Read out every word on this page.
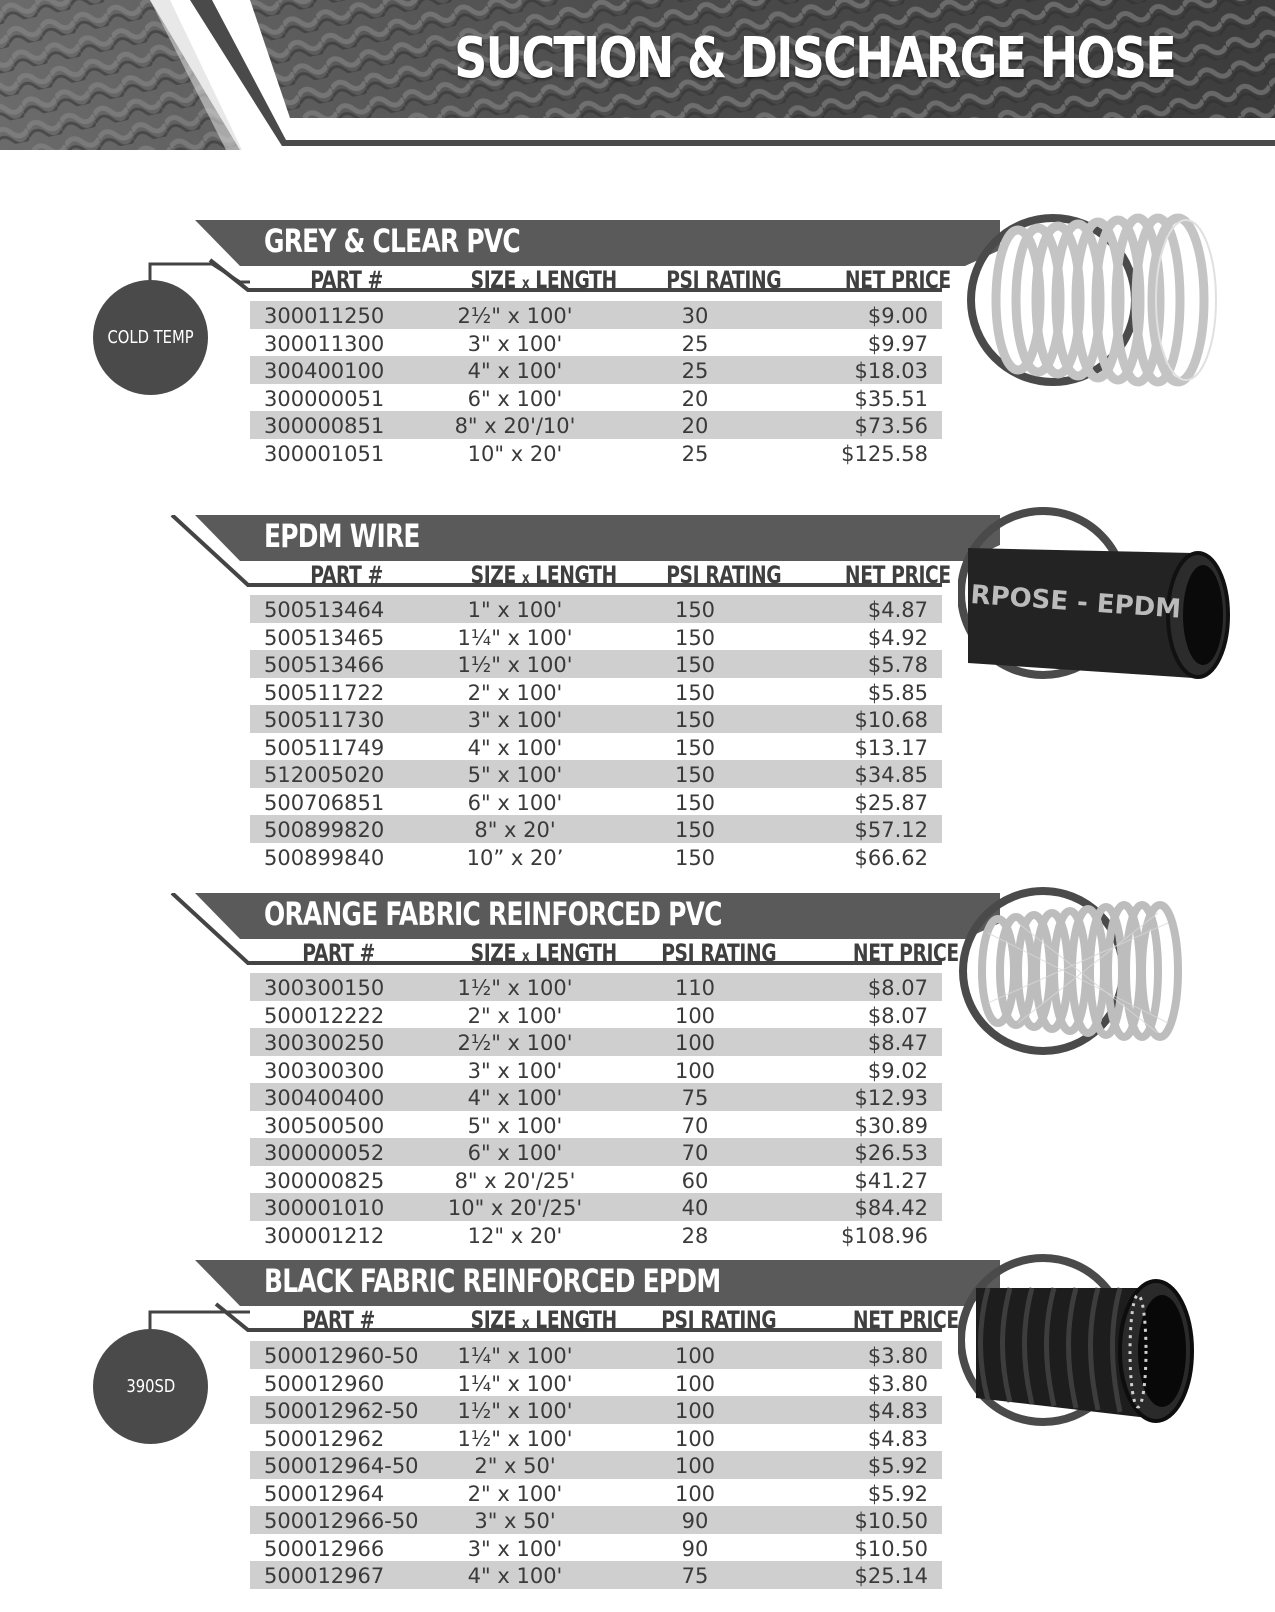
SUCTION & DISCHARGE HOSE
COLD TEMP
390SD
GREY & CLEAR PVC
PART #	SIZE x LENGTH PSI RATING	NET PRICE
300011250	2½" x 100'	30	$9.00
300011300	3" x 100'	25	$9.97
300400100	4" x 100'	25	$18.03
300000051	6" x 100'	20	$35.51
300000851	8" x 20'/10'	20	$73.56
300001051	10" x 20'	25	$125.58
EPDM WIRE
PART #	SIZE x LENGTH PSI RATING	NET PRICE
500513464	1" x 100'	150	$4.87
500513465	1¼" x 100'	150	$4.92
500513466	1½" x 100'	150	$5.78
500511722	2" x 100'	150	$5.85
500511730	3" x 100'	150	$10.68
500511749	4" x 100'	150	$13.17
512005020	5" x 100'	150	$34.85
500706851	6" x 100'	150	$25.87
500899820	8" x 20'	150	$57.12
500899840	10” x 20’	150	$66.62
RPOSE - EPDM
ORANGE FABRIC REINFORCED PVC
PART #	SIZE x LENGTH PSI RATING	NET PRICE
300300150	1½" x 100'	110	$8.07
500012222	2" x 100'	100	$8.07
300300250	2½" x 100'	100	$8.47
300300300	3" x 100'	100	$9.02
300400400	4" x 100'	75	$12.93
300500500	5" x 100'	70	$30.89
300000052	6" x 100'	70	$26.53
300000825	8" x 20'/25'	60	$41.27
300001010	10" x 20'/25'	40	$84.42
300001212	12" x 20'	28	$108.96
BLACK FABRIC REINFORCED EPDM
PART #	SIZE x LENGTH PSI RATING	NET PRICE
500012960-50	1¼" x 100'	100	$3.80
500012960	1¼" x 100'	100	$3.80
500012962-50	1½" x 100'	100	$4.83
500012962	1½" x 100'	100	$4.83
500012964-50	2" x 50'	100	$5.92
500012964	2" x 100'	100	$5.92
500012966-50	3" x 50'	90	$10.50
500012966	3" x 100'	90	$10.50
500012967	4" x 100'	75	$25.14
